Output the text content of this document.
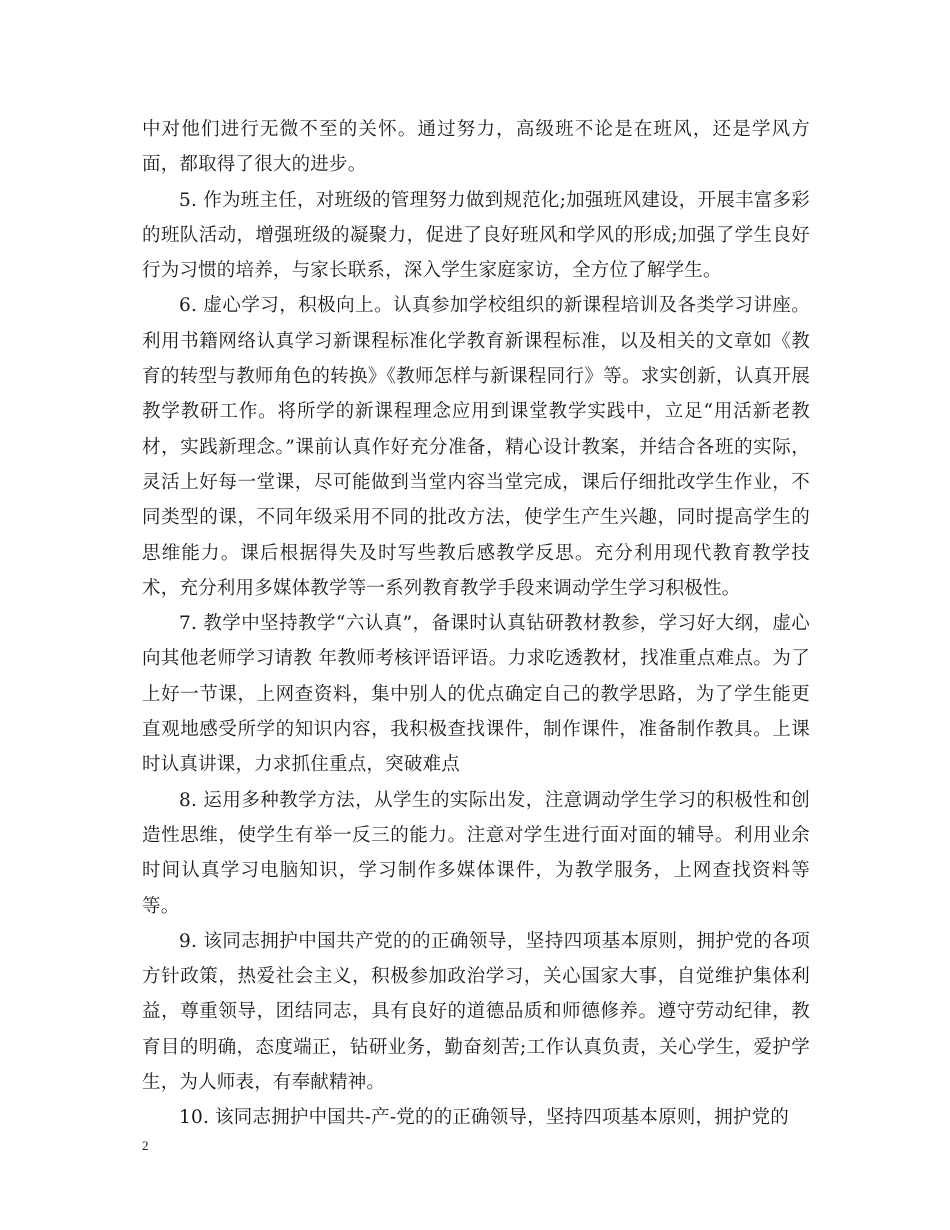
中对他们进行无微不至的关怀。通过努力，高级班不论是在班风，还是学风方面，都取得了很大的进步。

5. 作为班主任，对班级的管理努力做到规范化;加强班风建设，开展丰富多彩的班队活动，增强班级的凝聚力，促进了良好班风和学风的形成;加强了学生良好行为习惯的培养，与家长联系，深入学生家庭家访，全方位了解学生。

6. 虚心学习，积极向上。认真参加学校组织的新课程培训及各类学习讲座。利用书籍网络认真学习新课程标准化学教育新课程标准，以及相关的文章如《教育的转型与教师角色的转换》《教师怎样与新课程同行》等。求实创新，认真开展教学教研工作。将所学的新课程理念应用到课堂教学实践中，立足“用活新老教材，实践新理念。”课前认真作好充分准备，精心设计教案，并结合各班的实际，灵活上好每一堂课，尽可能做到当堂内容当堂完成，课后仔细批改学生作业，不同类型的课，不同年级采用不同的批改方法，使学生产生兴趣，同时提高学生的思维能力。课后根据得失及时写些教后感教学反思。充分利用现代教育教学技术，充分利用多媒体教学等一系列教育教学手段来调动学生学习积极性。

7. 教学中坚持教学“六认真”，备课时认真钻研教材教参，学习好大纲，虚心向其他老师学习请教 年教师考核评语评语。力求吃透教材，找准重点难点。为了上好一节课，上网查资料，集中别人的优点确定自己的教学思路，为了学生能更直观地感受所学的知识内容，我积极查找课件，制作课件，准备制作教具。上课时认真讲课，力求抓住重点，突破难点

8. 运用多种教学方法，从学生的实际出发，注意调动学生学习的积极性和创造性思维，使学生有举一反三的能力。注意对学生进行面对面的辅导。利用业余时间认真学习电脑知识，学习制作多媒体课件，为教学服务，上网查找资料等等。

9. 该同志拥护中国共产党的的正确领导，坚持四项基本原则，拥护党的各项方针政策，热爱社会主义，积极参加政治学习，关心国家大事，自觉维护集体利益，尊重领导，团结同志，具有良好的道德品质和师德修养。遵守劳动纪律，教育目的明确，态度端正，钻研业务，勤奋刻苦;工作认真负责，关心学生，爱护学生，为人师表，有奉献精神。

10. 该同志拥护中国共-产-党的的正确领导，坚持四项基本原则，拥护党的

2
